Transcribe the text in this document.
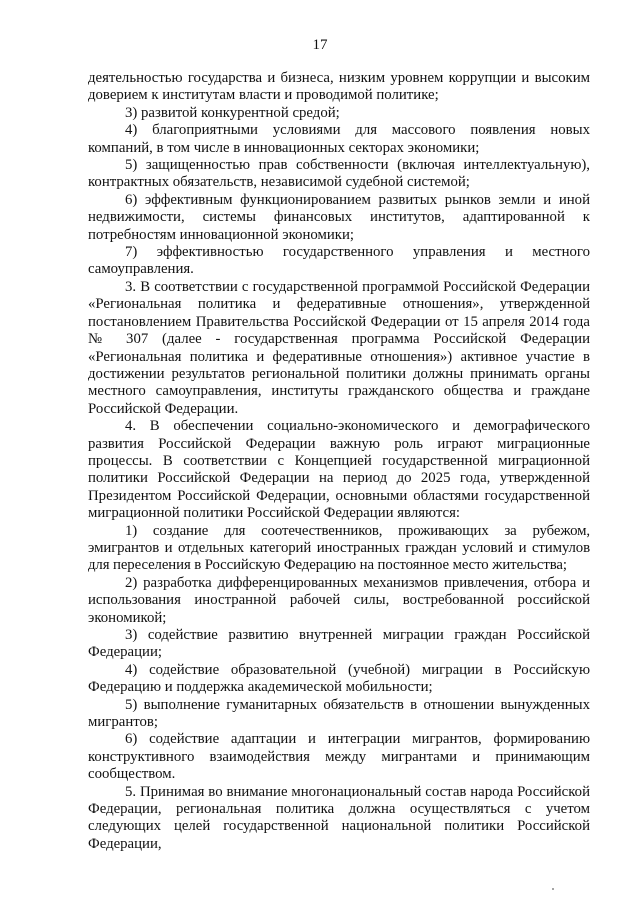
17

деятельностью государства и бизнеса, низким уровнем коррупции и высоким доверием к институтам власти и проводимой политике;

3) развитой конкурентной средой;

4) благоприятными условиями для массового появления новых компаний, в том числе в инновационных секторах экономики;

5) защищенностью прав собственности (включая интеллектуальную), контрактных обязательств, независимой судебной системой;

6) эффективным функционированием развитых рынков земли и иной недвижимости, системы финансовых институтов, адаптированной к потребностям инновационной экономики;

7) эффективностью государственного управления и местного самоуправления.

3. В соответствии с государственной программой Российской Федерации «Региональная политика и федеративные отношения», утвержденной постановлением Правительства Российской Федерации от 15 апреля 2014 года № 307 (далее - государственная программа Российской Федерации «Региональная политика и федеративные отношения») активное участие в достижении результатов региональной политики должны принимать органы местного самоуправления, институты гражданского общества и граждане Российской Федерации.

4. В обеспечении социально-экономического и демографического развития Российской Федерации важную роль играют миграционные процессы. В соответствии с Концепцией государственной миграционной политики Российской Федерации на период до 2025 года, утвержденной Президентом Российской Федерации, основными областями государственной миграционной политики Российской Федерации являются:

1) создание для соотечественников, проживающих за рубежом, эмигрантов и отдельных категорий иностранных граждан условий и стимулов для переселения в Российскую Федерацию на постоянное место жительства;

2) разработка дифференцированных механизмов привлечения, отбора и использования иностранной рабочей силы, востребованной российской экономикой;

3) содействие развитию внутренней миграции граждан Российской Федерации;

4) содействие образовательной (учебной) миграции в Российскую Федерацию и поддержка академической мобильности;

5) выполнение гуманитарных обязательств в отношении вынужденных мигрантов;

6) содействие адаптации и интеграции мигрантов, формированию конструктивного взаимодействия между мигрантами и принимающим сообществом.

5. Принимая во внимание многонациональный состав народа Российской Федерации, региональная политика должна осуществляться с учетом следующих целей государственной национальной политики Российской Федерации,
